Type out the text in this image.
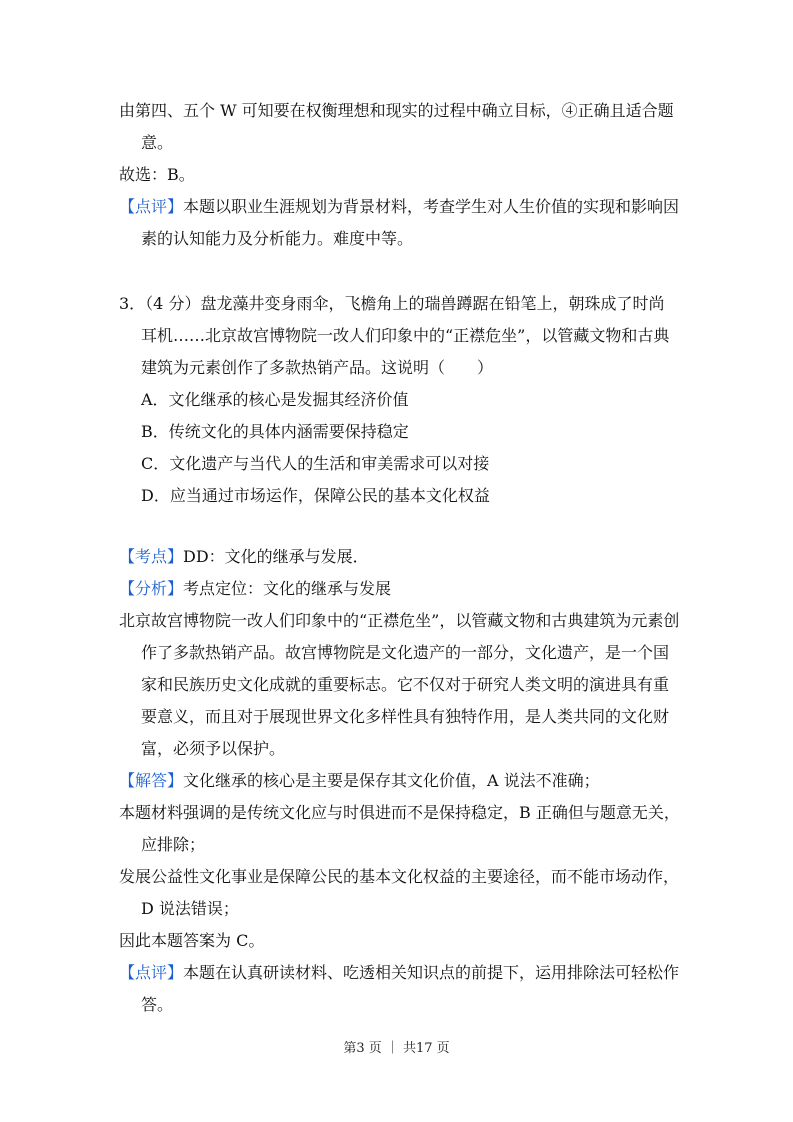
由第四、五个 W 可知要在权衡理想和现实的过程中确立目标，④正确且适合题
意。
故选：B。
【点评】本题以职业生涯规划为背景材料，考查学生对人生价值的实现和影响因
素的认知能力及分析能力。难度中等。
3．（4 分）盘龙藻井变身雨伞，飞檐角上的瑞兽蹲踞在铅笔上，朝珠成了时尚
耳机……北京故宫博物院一改人们印象中的“正襟危坐”，以管藏文物和古典
建筑为元素创作了多款热销产品。这说明（　　）
A．文化继承的核心是发掘其经济价值
B．传统文化的具体内涵需要保持稳定
C．文化遗产与当代人的生活和审美需求可以对接
D．应当通过市场运作，保障公民的基本文化权益
【考点】DD：文化的继承与发展．
【分析】考点定位：文化的继承与发展
北京故宫博物院一改人们印象中的“正襟危坐”，以管藏文物和古典建筑为元素创
作了多款热销产品。故宫博物院是文化遗产的一部分，文化遗产，是一个国
家和民族历史文化成就的重要标志。它不仅对于研究人类文明的演进具有重
要意义，而且对于展现世界文化多样性具有独特作用，是人类共同的文化财
富，必须予以保护。
【解答】文化继承的核心是主要是保存其文化价值，A 说法不准确；
本题材料强调的是传统文化应与时俱进而不是保持稳定，B 正确但与题意无关，
应排除；
发展公益性文化事业是保障公民的基本文化权益的主要途径，而不能市场动作，
D 说法错误；
因此本题答案为 C。
【点评】本题在认真研读材料、吃透相关知识点的前提下，运用排除法可轻松作
答。
第3 页 ｜ 共17 页
